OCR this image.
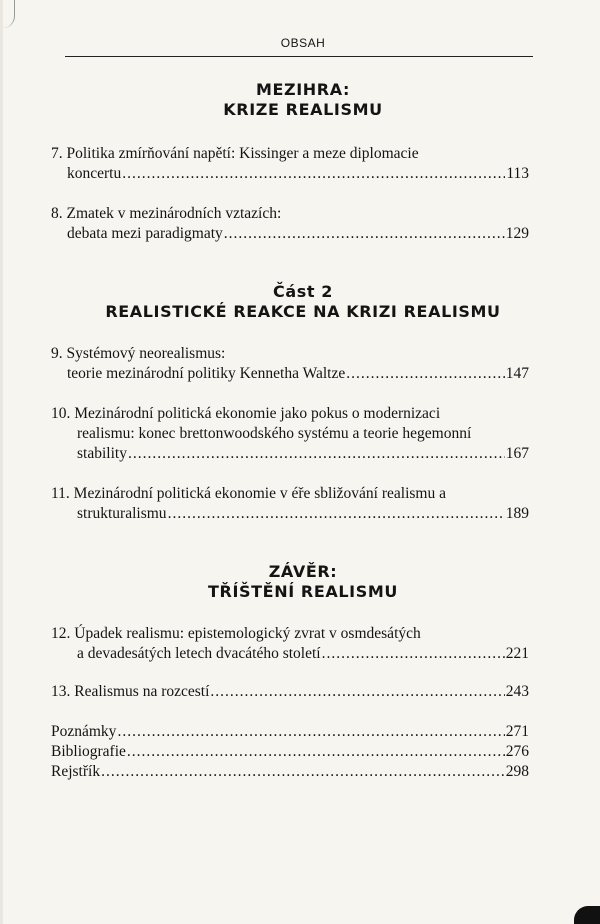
OBSAH
MEZIHRA:
KRIZE REALISMU
7. Politika zmírňování napětí: Kissinger a meze diplomacie
koncertu .....	113
8. Zmatek v mezinárodních vztazích:
debata mezi paradigmaty .....	129
Část 2
REALISTICKÉ REAKCE NA KRIZI REALISMU
9. Systémový neorealismus:
teorie mezinárodní politiky Kennetha Waltze .....	147
10. Mezinárodní politická ekonomie jako pokus o modernizaci
realismu: konec brettonwoodského systému a teorie hegemonní
stability .....	167
11. Mezinárodní politická ekonomie v éře sbližování realismu a
strukturalismu .....	189
ZÁVĚR:
TŘÍŠTĚNÍ REALISMU
12. Úpadek realismu: epistemologický zvrat v osmdesátých
a devadesátých letech dvacátého století .....	221
13. Realismus na rozcestí .....	243
Poznámky .....	271
Bibliografie .....	276
Rejstřík .....	298
